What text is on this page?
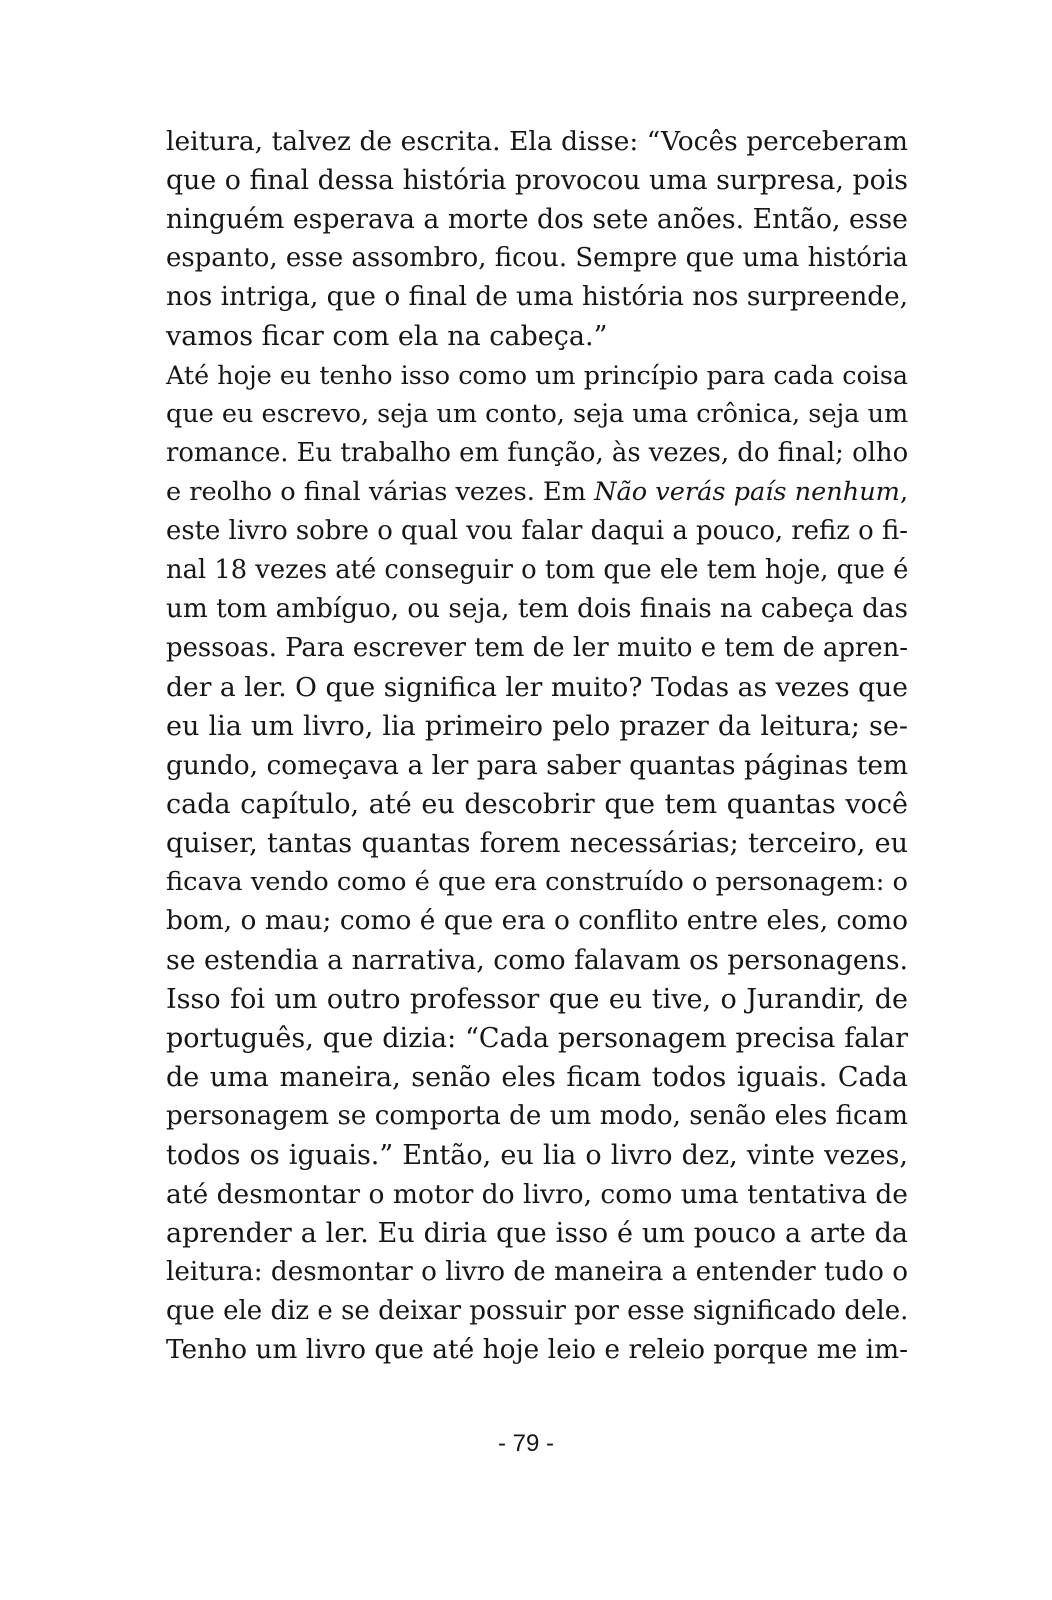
leitura, talvez de escrita. Ela disse: “Vocês perceberam
que o final dessa história provocou uma surpresa, pois
ninguém esperava a morte dos sete anões. Então, esse
espanto, esse assombro, ficou. Sempre que uma história
nos intriga, que o final de uma história nos surpreende,
vamos ficar com ela na cabeça.”
Até hoje eu tenho isso como um princípio para cada coisa
que eu escrevo, seja um conto, seja uma crônica, seja um
romance. Eu trabalho em função, às vezes, do final; olho
e reolho o final várias vezes. Em Não verás país nenhum,
este livro sobre o qual vou falar daqui a pouco, refiz o fi-
nal 18 vezes até conseguir o tom que ele tem hoje, que é
um tom ambíguo, ou seja, tem dois finais na cabeça das
pessoas. Para escrever tem de ler muito e tem de apren-
der a ler. O que significa ler muito? Todas as vezes que
eu lia um livro, lia primeiro pelo prazer da leitura; se-
gundo, começava a ler para saber quantas páginas tem
cada capítulo, até eu descobrir que tem quantas você
quiser, tantas quantas forem necessárias; terceiro, eu
ficava vendo como é que era construído o personagem: o
bom, o mau; como é que era o conflito entre eles, como
se estendia a narrativa, como falavam os personagens.
Isso foi um outro professor que eu tive, o Jurandir, de
português, que dizia: “Cada personagem precisa falar
de uma maneira, senão eles ficam todos iguais. Cada
personagem se comporta de um modo, senão eles ficam
todos os iguais.” Então, eu lia o livro dez, vinte vezes,
até desmontar o motor do livro, como uma tentativa de
aprender a ler. Eu diria que isso é um pouco a arte da
leitura: desmontar o livro de maneira a entender tudo o
que ele diz e se deixar possuir por esse significado dele.
Tenho um livro que até hoje leio e releio porque me im-
- 79 -
